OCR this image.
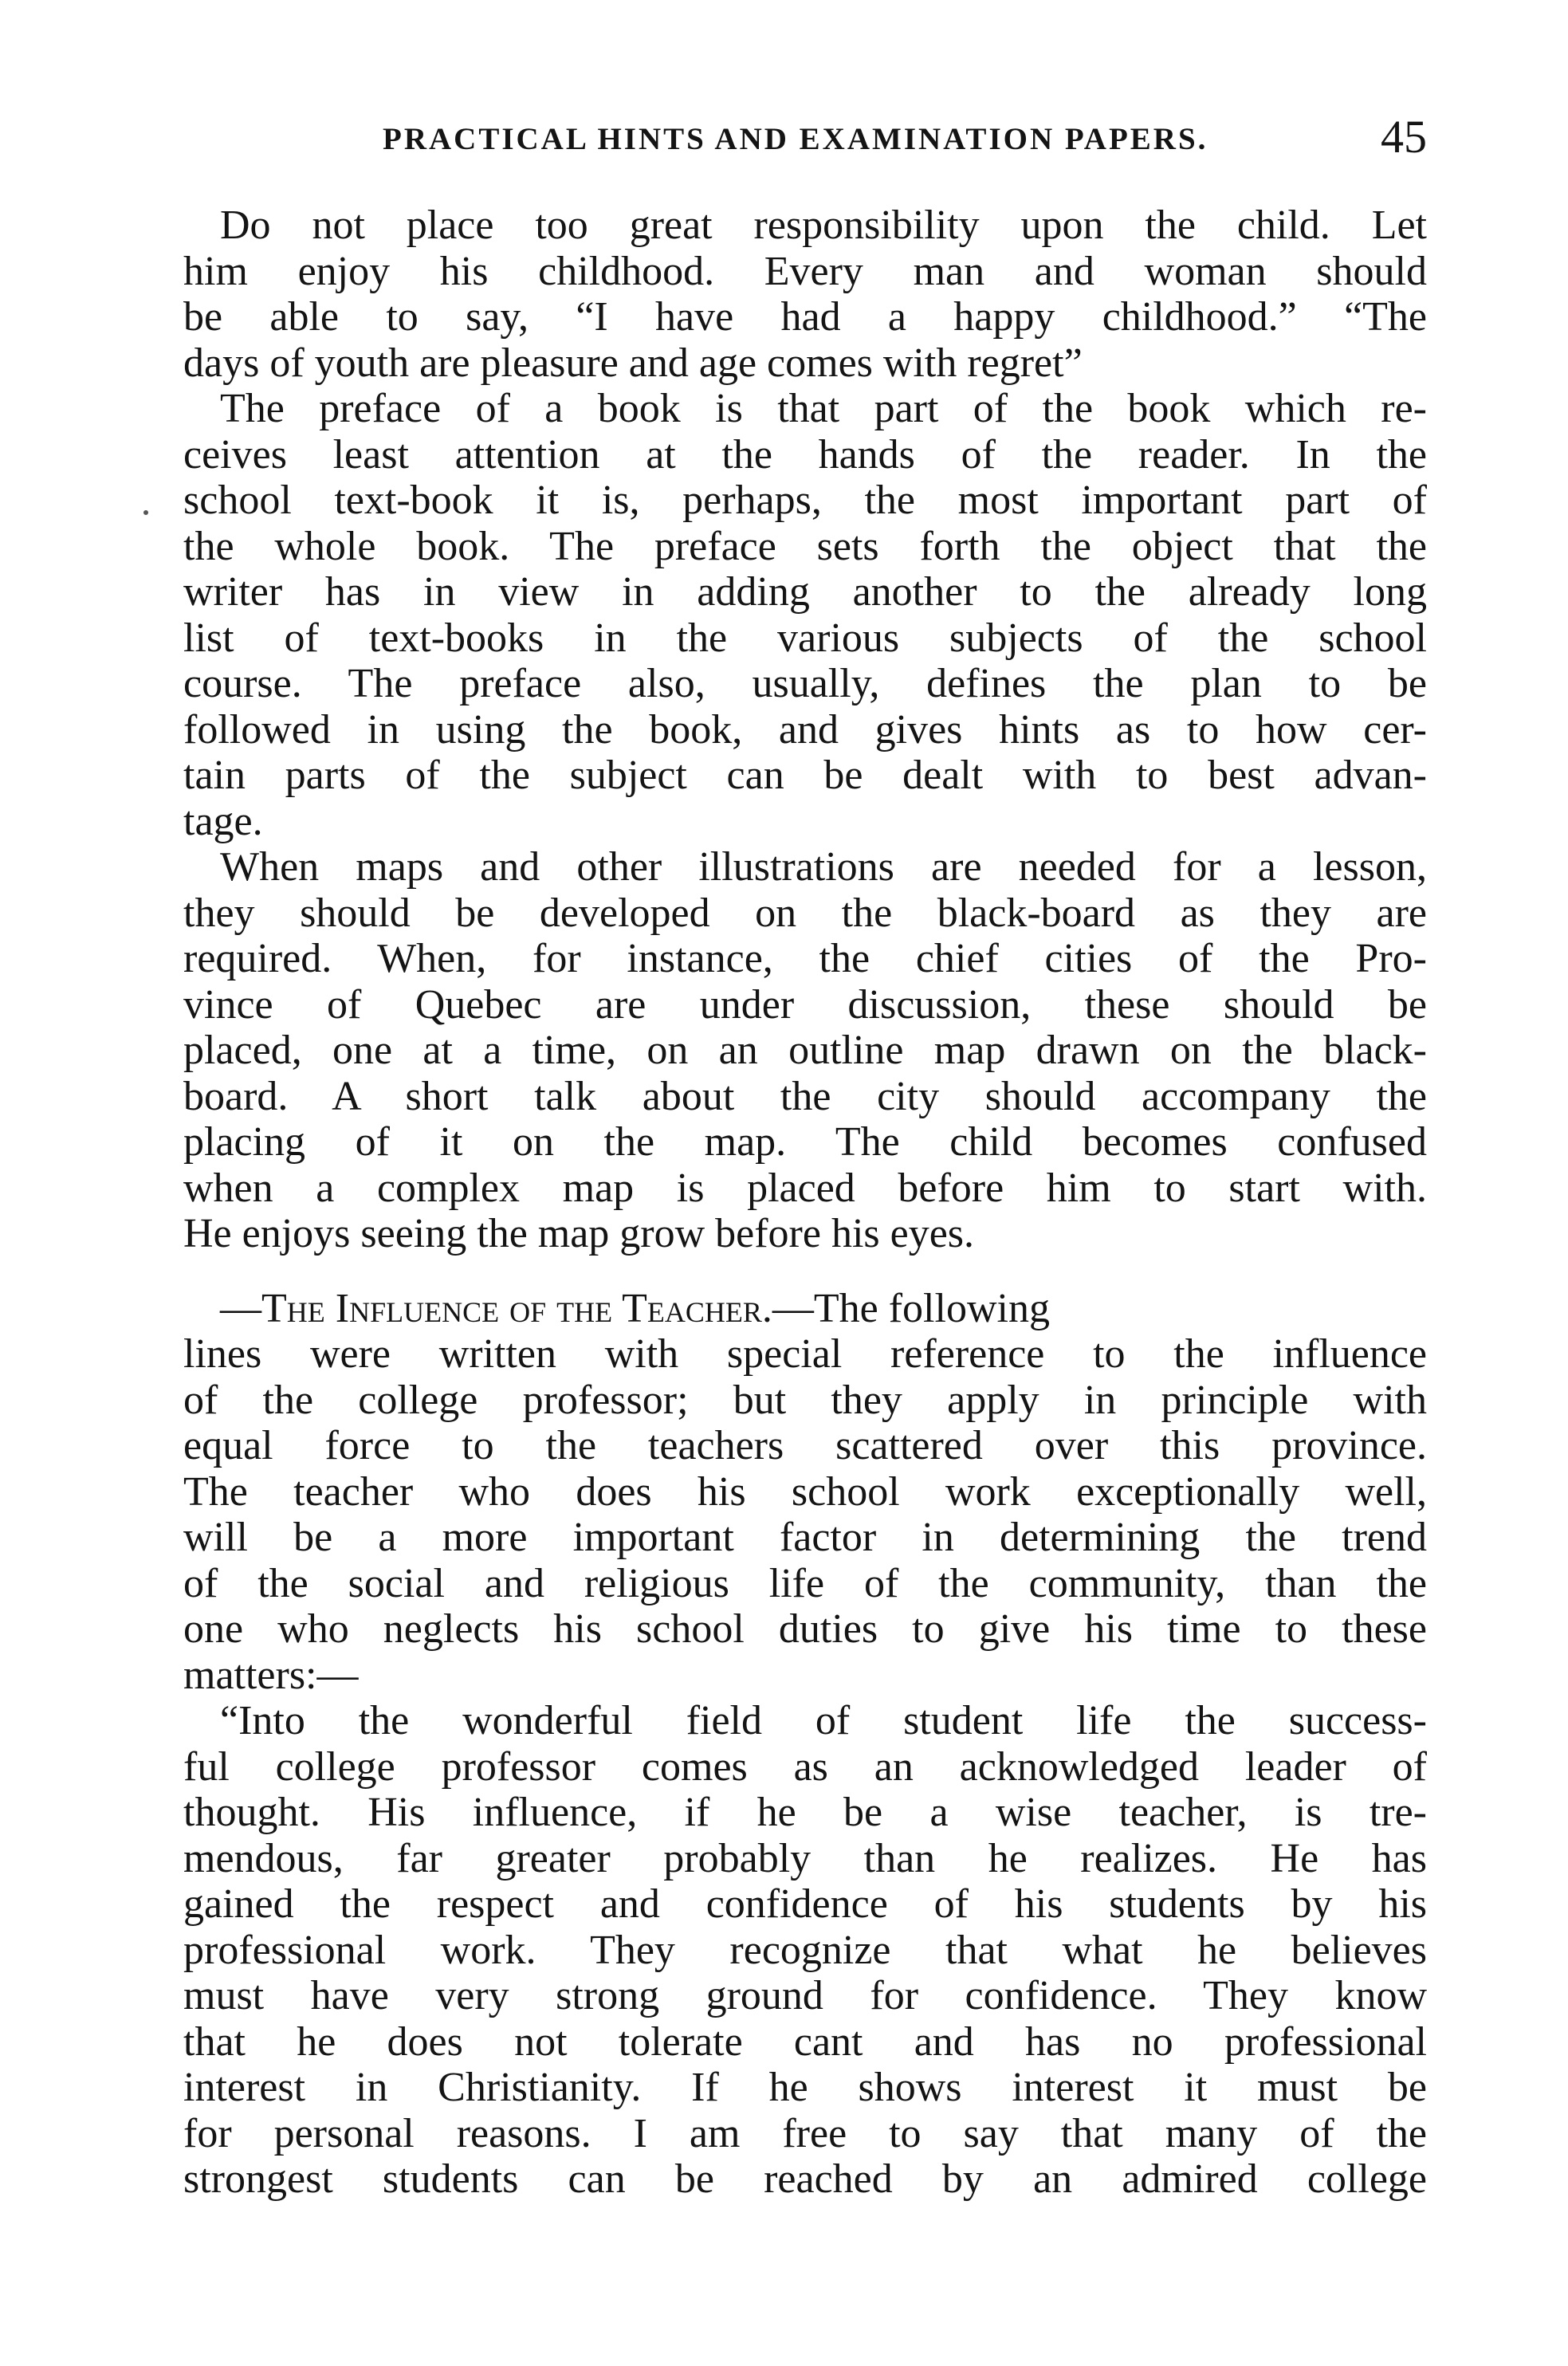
PRACTICAL HINTS AND EXAMINATION PAPERS.	45
Do not place too great responsibility upon the child. Let
him enjoy his childhood. Every man and woman should
be able to say, “I have had a happy childhood.” “The
days of youth are pleasure and age comes with regret”
The preface of a book is that part of the book which re-
ceives least attention at the hands of the reader. In the
school text-book it is, perhaps, the most important part of
the whole book. The preface sets forth the object that the
writer has in view in adding another to the already long
list of text-books in the various subjects of the school
course. The preface also, usually, defines the plan to be
followed in using the book, and gives hints as to how cer-
tain parts of the subject can be dealt with to best advan-
tage.
When maps and other illustrations are needed for a lesson,
they should be developed on the black-board as they are
required. When, for instance, the chief cities of the Pro-
vince of Quebec are under discussion, these should be
placed, one at a time, on an outline map drawn on the black-
board. A short talk about the city should accompany the
placing of it on the map. The child becomes confused
when a complex map is placed before him to start with.
He enjoys seeing the map grow before his eyes.
—The Influence of the Teacher.—The following
lines were written with special reference to the influence
of the college professor; but they apply in principle with
equal force to the teachers scattered over this province.
The teacher who does his school work exceptionally well,
will be a more important factor in determining the trend
of the social and religious life of the community, than the
one who neglects his school duties to give his time to these
matters:—
“Into the wonderful field of student life the success-
ful college professor comes as an acknowledged leader of
thought. His influence, if he be a wise teacher, is tre-
mendous, far greater probably than he realizes. He has
gained the respect and confidence of his students by his
professional work. They recognize that what he believes
must have very strong ground for confidence. They know
that he does not tolerate cant and has no professional
interest in Christianity. If he shows interest it must be
for personal reasons. I am free to say that many of the
strongest students can be reached by an admired college
